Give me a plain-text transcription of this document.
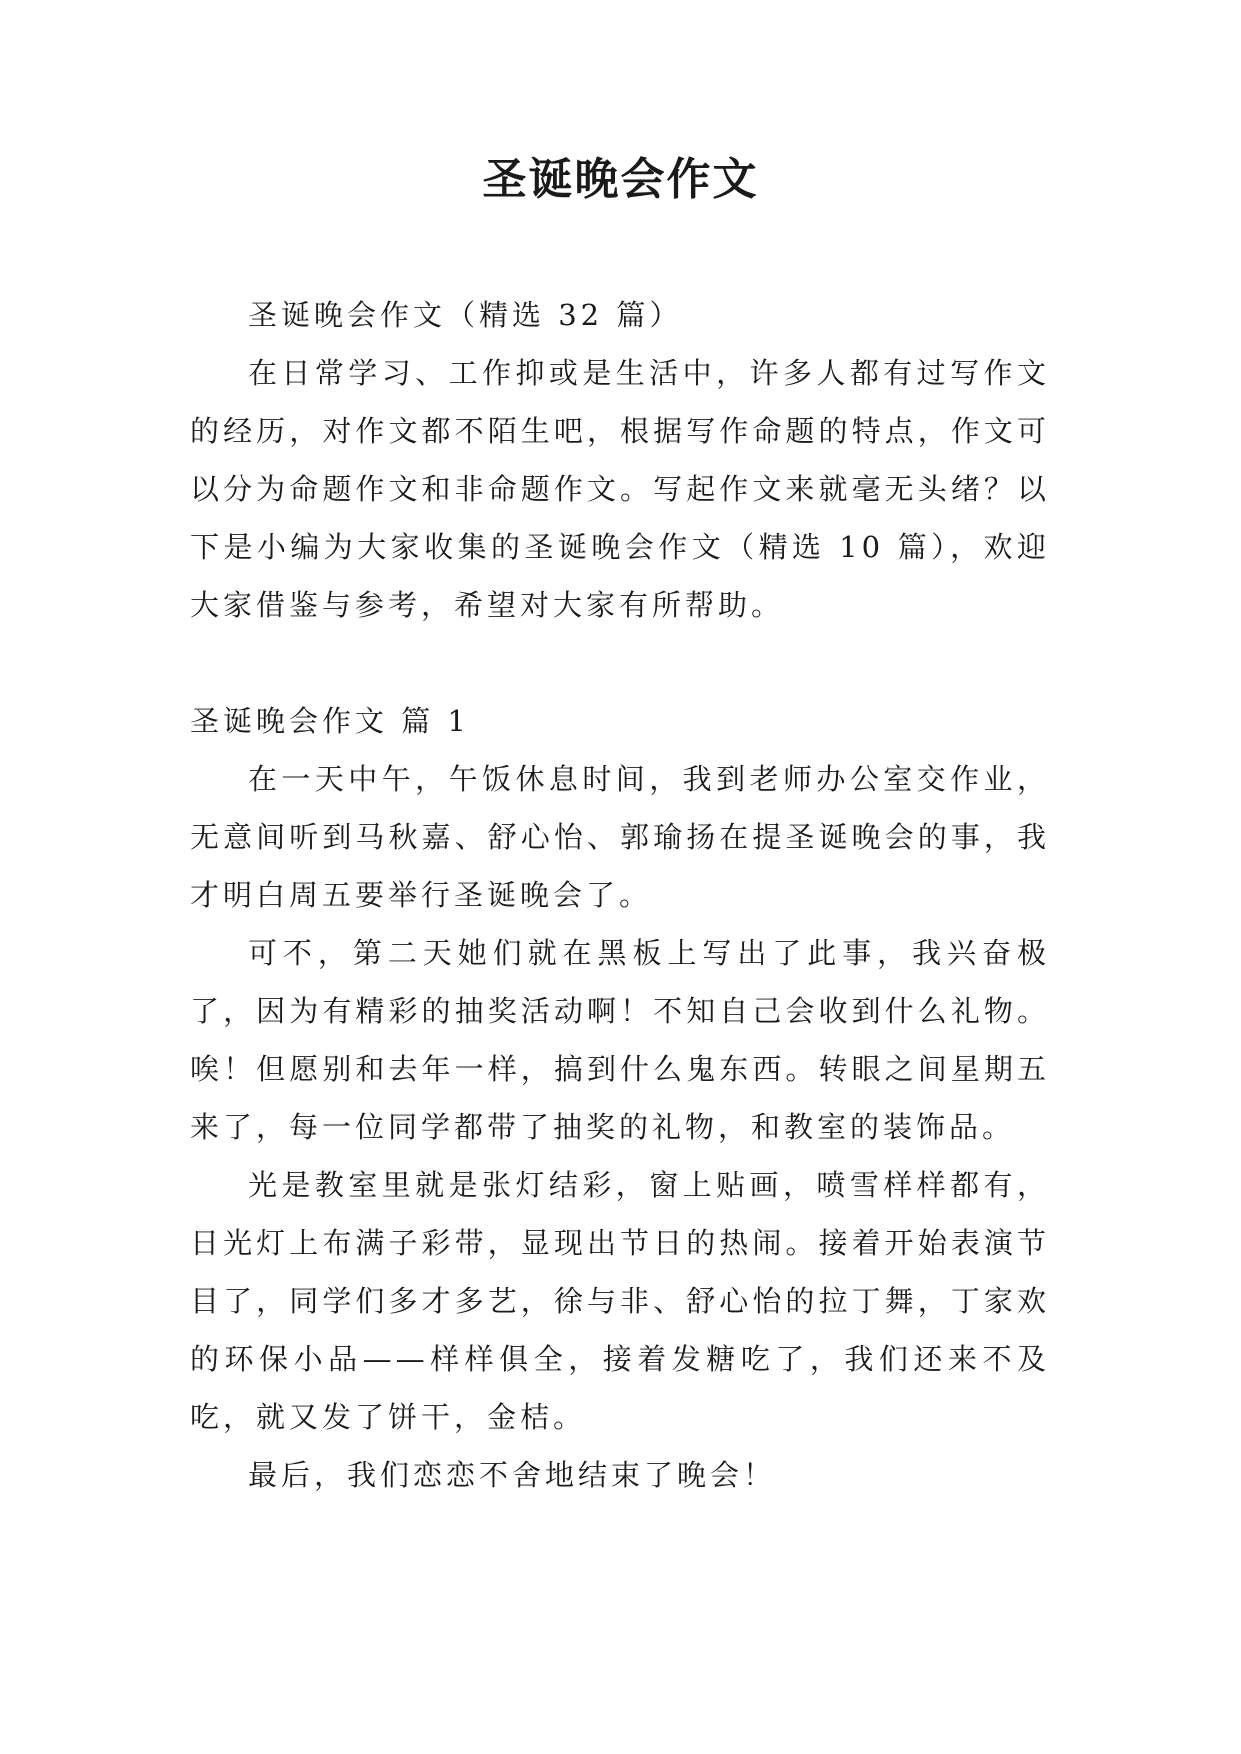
圣诞晚会作文

圣诞晚会作文（精选 32 篇）

在日常学习、工作抑或是生活中，许多人都有过写作文的经历，对作文都不陌生吧，根据写作命题的特点，作文可以分为命题作文和非命题作文。写起作文来就毫无头绪？以下是小编为大家收集的圣诞晚会作文（精选 10 篇），欢迎大家借鉴与参考，希望对大家有所帮助。

圣诞晚会作文 篇 1

在一天中午，午饭休息时间，我到老师办公室交作业，无意间听到马秋嘉、舒心怡、郭瑜扬在提圣诞晚会的事，我才明白周五要举行圣诞晚会了。

可不，第二天她们就在黑板上写出了此事，我兴奋极了，因为有精彩的抽奖活动啊！不知自己会收到什么礼物。唉！但愿别和去年一样，搞到什么鬼东西。转眼之间星期五来了，每一位同学都带了抽奖的礼物，和教室的装饰品。

光是教室里就是张灯结彩，窗上贴画，喷雪样样都有，日光灯上布满子彩带，显现出节日的热闹。接着开始表演节目了，同学们多才多艺，徐与非、舒心怡的拉丁舞，丁家欢的环保小品——样样俱全，接着发糖吃了，我们还来不及吃，就又发了饼干，金桔。

最后，我们恋恋不舍地结束了晚会！
